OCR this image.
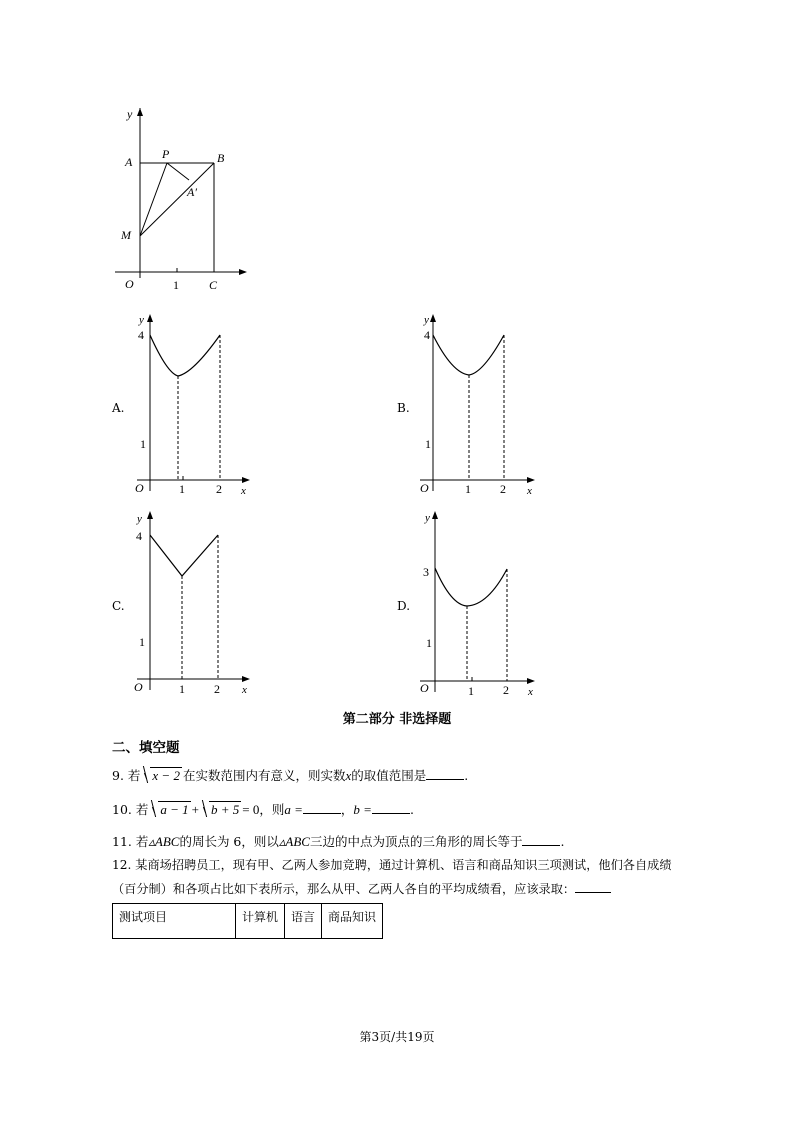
y
A
P	B
A′
M
O	1	C
A.
y
4
1
O	1	2 x
B.
y
4
1
O	1 2 x
C.
y
4
1
O	1 2 x
D.
y
3
1
O	1 2 x
第二部分 非选择题
二、填空题
9. 若 x − 2 在实数范围内有意义，则实数x的取值范围是	.
10. 若 a − 1 + b + 5 = 0，则a =	，b =	.
11. 若▵ABC的周长为 6，则以▵ABC三边的中点为顶点的三角形的周长等于	.
12. 某商场招聘员工，现有甲、乙两人参加竞聘，通过计算机、语言和商品知识三项测试，他们各自成绩
（百分制）和各项占比如下表所示，那么从甲、乙两人各自的平均成绩看，应该录取：
测试项目	计算机	语言	商品知识
第3页/共19页
